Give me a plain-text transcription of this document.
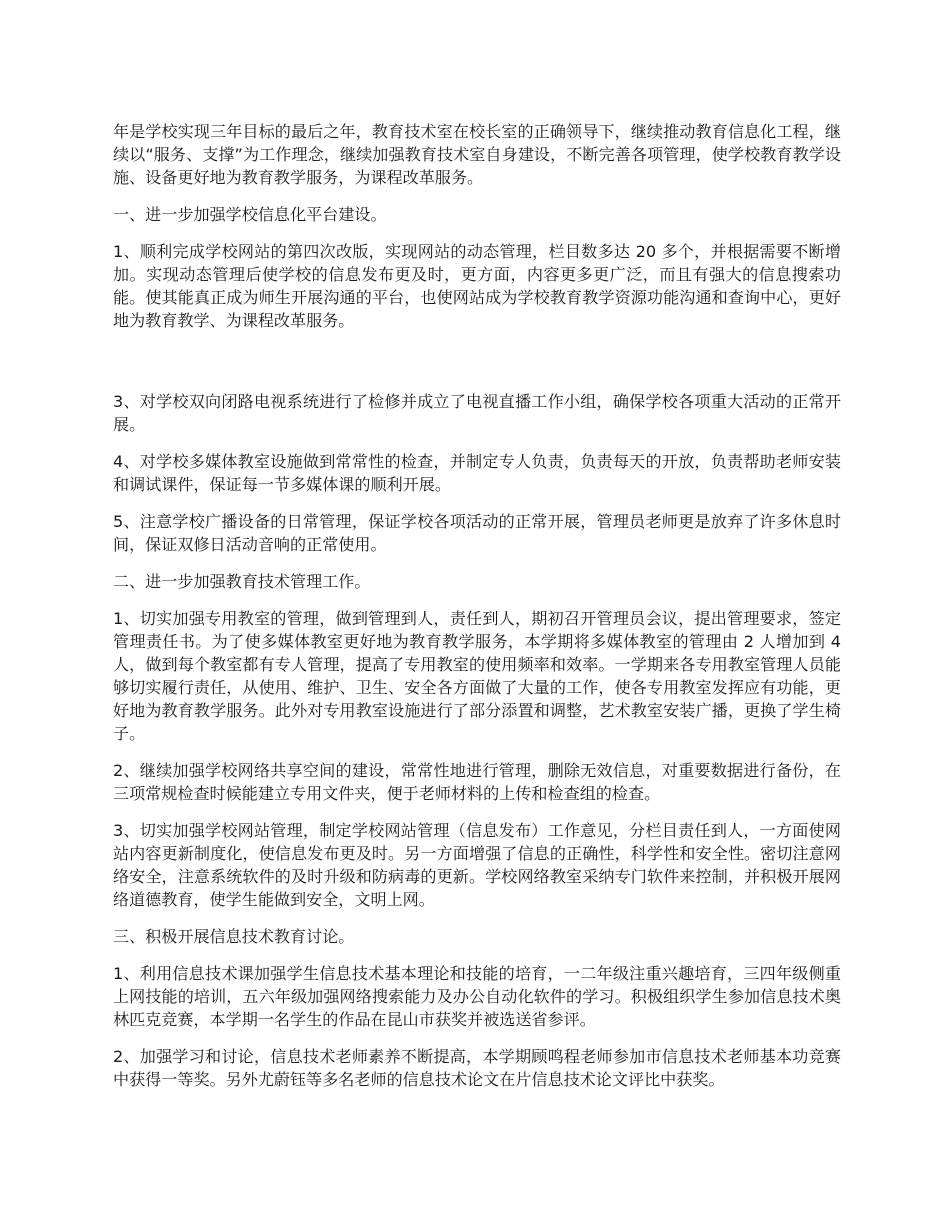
年是学校实现三年目标的最后之年，教育技术室在校长室的正确领导下，继续推动教育信息化工程，继续以“服务、支撑”为工作理念，继续加强教育技术室自身建设，不断完善各项管理，使学校教育教学设施、设备更好地为教育教学服务，为课程改革服务。

一、进一步加强学校信息化平台建设。

1、顺利完成学校网站的第四次改版，实现网站的动态管理，栏目数多达 20 多个，并根据需要不断增加。实现动态管理后使学校的信息发布更及时，更方面，内容更多更广泛，而且有强大的信息搜索功能。使其能真正成为师生开展沟通的平台，也使网站成为学校教育教学资源功能沟通和查询中心，更好地为教育教学、为课程改革服务。

3、对学校双向闭路电视系统进行了检修并成立了电视直播工作小组，确保学校各项重大活动的正常开展。

4、对学校多媒体教室设施做到常常性的检查，并制定专人负责，负责每天的开放，负责帮助老师安装和调试课件，保证每一节多媒体课的顺利开展。

5、注意学校广播设备的日常管理，保证学校各项活动的正常开展，管理员老师更是放弃了许多休息时间，保证双修日活动音响的正常使用。

二、进一步加强教育技术管理工作。

1、切实加强专用教室的管理，做到管理到人，责任到人，期初召开管理员会议，提出管理要求，签定管理责任书。为了使多媒体教室更好地为教育教学服务，本学期将多媒体教室的管理由 2 人增加到 4 人，做到每个教室都有专人管理，提高了专用教室的使用频率和效率。一学期来各专用教室管理人员能够切实履行责任，从使用、维护、卫生、安全各方面做了大量的工作，使各专用教室发挥应有功能，更好地为教育教学服务。此外对专用教室设施进行了部分添置和调整，艺术教室安装广播，更换了学生椅子。

2、继续加强学校网络共享空间的建设，常常性地进行管理，删除无效信息，对重要数据进行备份，在三项常规检查时候能建立专用文件夹，便于老师材料的上传和检查组的检查。

3、切实加强学校网站管理，制定学校网站管理（信息发布）工作意见，分栏目责任到人，一方面使网站内容更新制度化，使信息发布更及时。另一方面增强了信息的正确性，科学性和安全性。密切注意网络安全，注意系统软件的及时升级和防病毒的更新。学校网络教室采纳专门软件来控制，并积极开展网络道德教育，使学生能做到安全，文明上网。

三、积极开展信息技术教育讨论。

1、利用信息技术课加强学生信息技术基本理论和技能的培育，一二年级注重兴趣培育，三四年级侧重上网技能的培训，五六年级加强网络搜索能力及办公自动化软件的学习。积极组织学生参加信息技术奥林匹克竞赛，本学期一名学生的作品在昆山市获奖并被选送省参评。

2、加强学习和讨论，信息技术老师素养不断提高，本学期顾鸣程老师参加市信息技术老师基本功竞赛中获得一等奖。另外尤蔚钰等多名老师的信息技术论文在片信息技术论文评比中获奖。
